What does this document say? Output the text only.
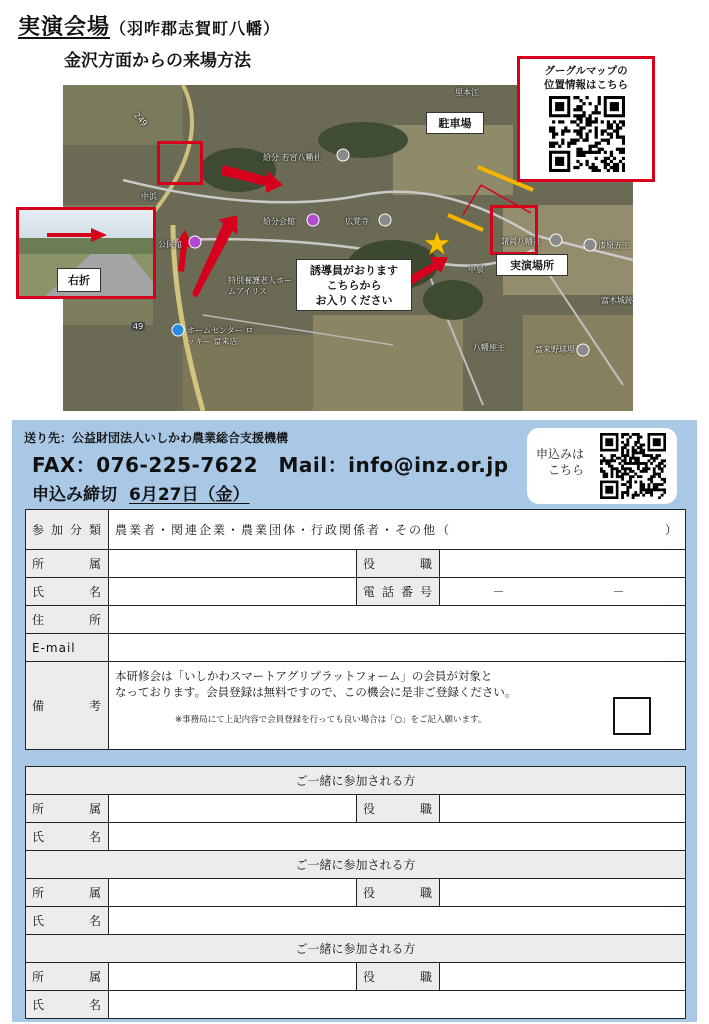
実演会場（羽咋郡志賀町八幡）
金沢方面からの来場方法
里本江
給分 若宮八幡社
中浜
給分会館	広覚寺
公民館
特別養護老人ホームアイリス
ホームセンター ロッキー 富来店
中泉
諸岡八幡社	漆原五工
富木城跡
八幡座主	富来野球場
49
249
右折
駐車場
実演場所
誘導員がおります
こちらから
お入りください
グーグルマップの
位置情報はこちら
送り先：公益財団法人いしかわ農業総合支援機構
FAX：076-225-7622　Mail：info@inz.or.jp
申込み締切 6月27日（金）
申込みは
こちら
参加分類	農業者・関連企業・農業団体・行政関係者・その他（ ）		

所　属		役　職	
氏　名		電話番号	－　　　　　－
住　所			
E-mail			
備　考	本研修会は「いしかわスマートアグリプラットフォーム」の会員が対象と
なっております。会員登録は無料ですので、この機会に是非ご登録ください。
※事務局にて上記内容で会員登録を行っても良い場合は「○」をご記入願います。		
ご一緒に参加される方			
所　属		役　職	
氏　名			
ご一緒に参加される方			
所　属		役　職	
氏　名			
ご一緒に参加される方			
所　属		役　職	
氏　名			
